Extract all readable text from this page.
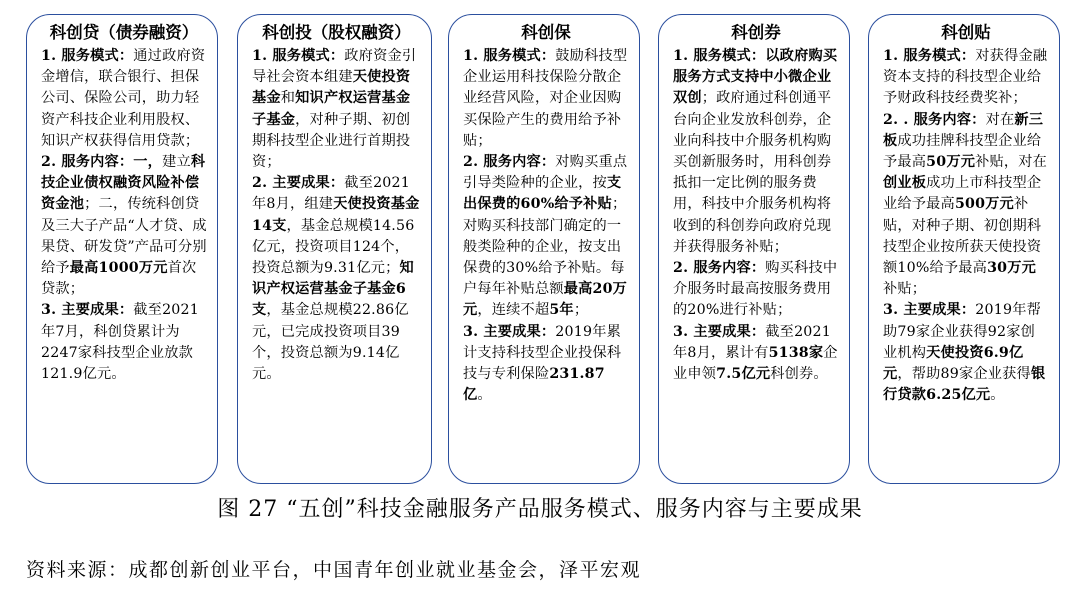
科创贷（债券融资）
1. 服务模式：通过政府资金增信，联合银行、担保公司、保险公司，助力轻资产科技企业利用股权、知识产权获得信用贷款；
2. 服务内容：一，建立科技企业债权融资风险补偿资金池；二，传统科创贷及三大子产品“人才贷、成果贷、研发贷”产品可分别给予最高1000万元首次贷款；
3. 主要成果：截至2021年7月，科创贷累计为2247家科技型企业放款121.9亿元。
科创投（股权融资）
1. 服务模式：政府资金引导社会资本组建天使投资基金和知识产权运营基金子基金，对种子期、初创期科技型企业进行首期投资；
2. 主要成果：截至2021年8月，组建天使投资基金14支，基金总规模14.56亿元，投资项目124个，投资总额为9.31亿元；知识产权运营基金子基金6支，基金总规模22.86亿元，已完成投资项目39个，投资总额为9.14亿元。
科创保
1. 服务模式：鼓励科技型企业运用科技保险分散企业经营风险，对企业因购买保险产生的费用给予补贴；
2. 服务内容：对购买重点引导类险种的企业，按支出保费的60%给予补贴；对购买科技部门确定的一般类险种的企业，按支出保费的30%给予补贴。每户每年补贴总额最高20万元，连续不超5年；
3. 主要成果：2019年累计支持科技型企业投保科技与专利保险231.87亿。
科创券
1. 服务模式：以政府购买服务方式支持中小微企业双创；政府通过科创通平台向企业发放科创券，企业向科技中介服务机构购买创新服务时，用科创券抵扣一定比例的服务费用，科技中介服务机构将收到的科创券向政府兑现并获得服务补贴；
2. 服务内容：购买科技中介服务时最高按服务费用的20%进行补贴；
3. 主要成果：截至2021年8月，累计有5138家企业申领7.5亿元科创券。
科创贴
1. 服务模式：对获得金融资本支持的科技型企业给予财政科技经费奖补；
2. . 服务内容：对在新三板成功挂牌科技型企业给予最高50万元补贴，对在创业板成功上市科技型企业给予最高500万元补贴，对种子期、初创期科技型企业按所获天使投资额10%给予最高30万元补贴；
3. 主要成果：2019年帮助79家企业获得92家创业机构天使投资6.9亿元，帮助89家企业获得银行贷款6.25亿元。
图 27 “五创”科技金融服务产品服务模式、服务内容与主要成果
资料来源：成都创新创业平台，中国青年创业就业基金会，泽平宏观
